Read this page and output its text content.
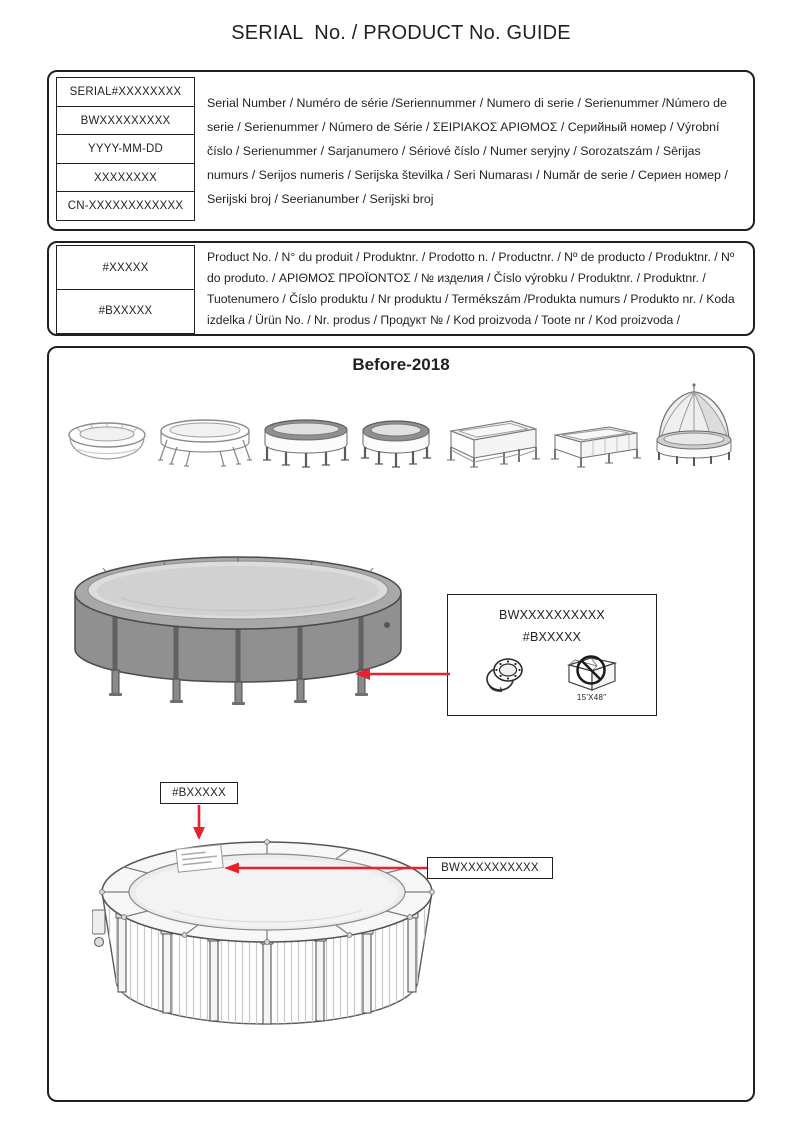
SERIAL  No. / PRODUCT No. GUIDE
SERIAL#XXXXXXXX
BWXXXXXXXXX
YYYY-MM-DD
XXXXXXXX
CN-XXXXXXXXXXXX

Serial Number / Numéro de série /Seriennummer / Numero di serie / Serienummer /Número de serie / Serienummer / Número de Série / ΣΕΙΡΙΑΚΟΣ ΑΡΙΘΜΟΣ / Серийный номер / Výrobní číslo / Serienummer / Sarjanumero / Sériové číslo / Numer seryjny / Sorozatszám / Sērijas numurs / Serijos numeris / Serijska številka / Seri Numarası / Număr de serie / Сериен номер / Serijski broj / Seerianumber / Serijski broj

#XXXXX
#BXXXXX

Product No. / N° du produit / Produktnr. / Prodotto n. / Productnr. / Nº de producto / Produktnr. / Nº do produto. / ΑΡΙΘΜΟΣ ΠΡΟΪΟΝΤΟΣ / № изделия / Číslo výrobku / Produktnr. / Produktnr. / Tuotenumero / Číslo produktu / Nr produktu / Termékszám /Produkta numurs / Produkto nr. / Koda izdelka / Ürün No. / Nr. produs / Продукт № / Kod proizvoda / Toote nr / Kod proizvoda /

Before-2018
BWXXXXXXXXXX
#BXXXXX
15'X48"
#BXXXXX
BWXXXXXXXXXX
